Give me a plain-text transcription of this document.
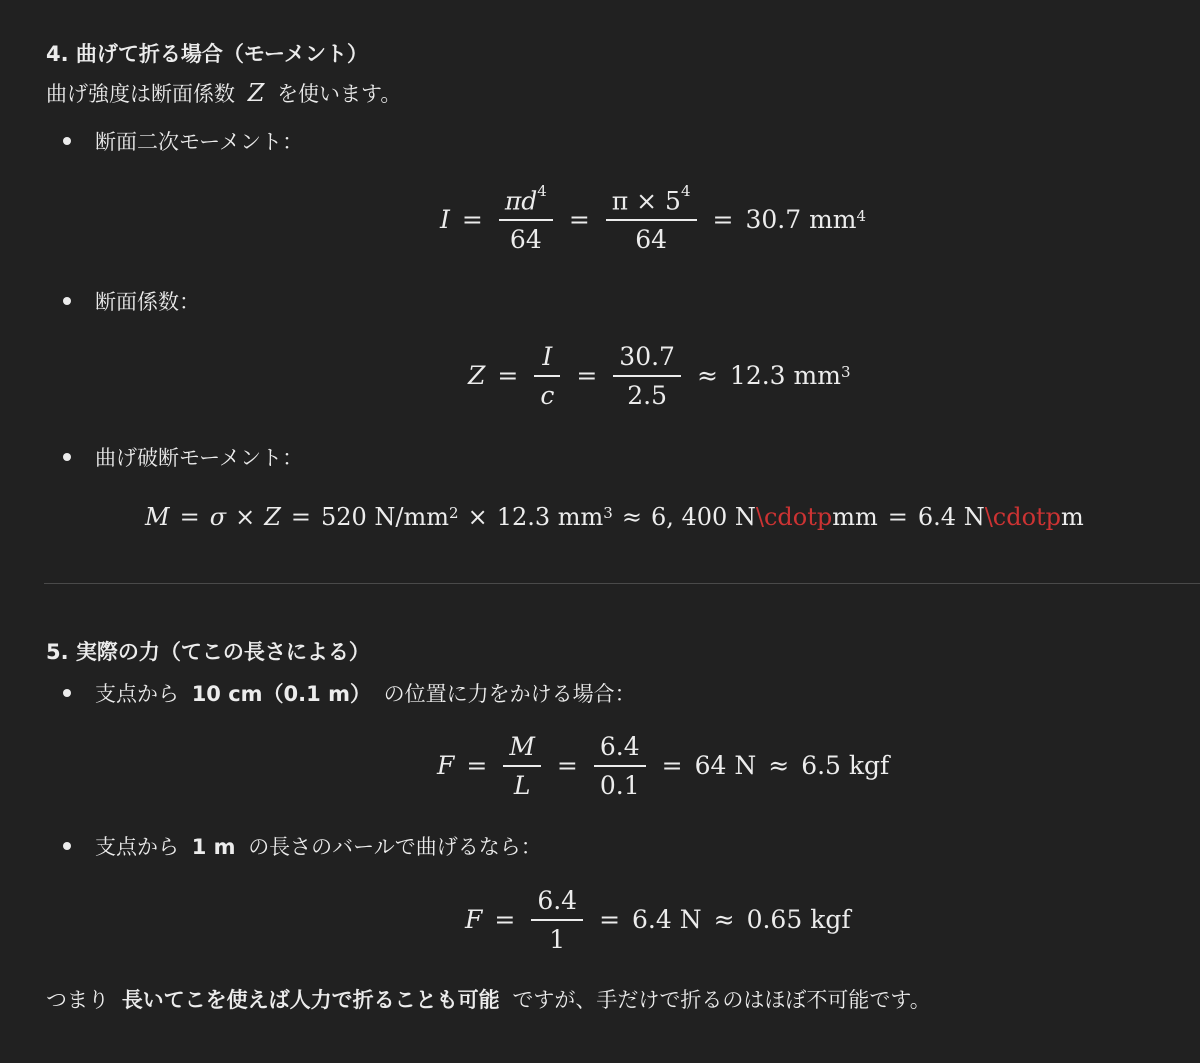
4. 曲げて折る場合（モーメント）
曲げ強度は断面係数 Z を使います。
断面二次モーメント：
$I = \frac{\pi d^4}{64} = \frac{\pi \times 5^4}{64} = 30.7$ $mm^4$
断面係数：
$Z = \frac{I}{c} = \frac{30.7}{2.5} \approx 12.3$ $mm^3$
曲げ破断モーメント：
M = σ × Z = 520 $N/mm^2 \times 12.3$ $mm^3 \approx 6$, 400 N \cdotp mm = 6.4 N \cdotp m
5. 実際の力（てこの長さによる）
支点から 10 cm（0.1 m） の位置に力をかける場合：
$F = \frac{M}{L} = \frac{6.4}{0.1} = 64$ N ≈ 6.5 kgf
支点から 1 m の長さのバールで曲げるなら：
$F = \frac{6.4}{1} = 6.4$ N ≈ 0.65 kgf
つまり 長いてこを使えば人力で折ることも可能 ですが、手だけで折るのはほぼ不可能です。
